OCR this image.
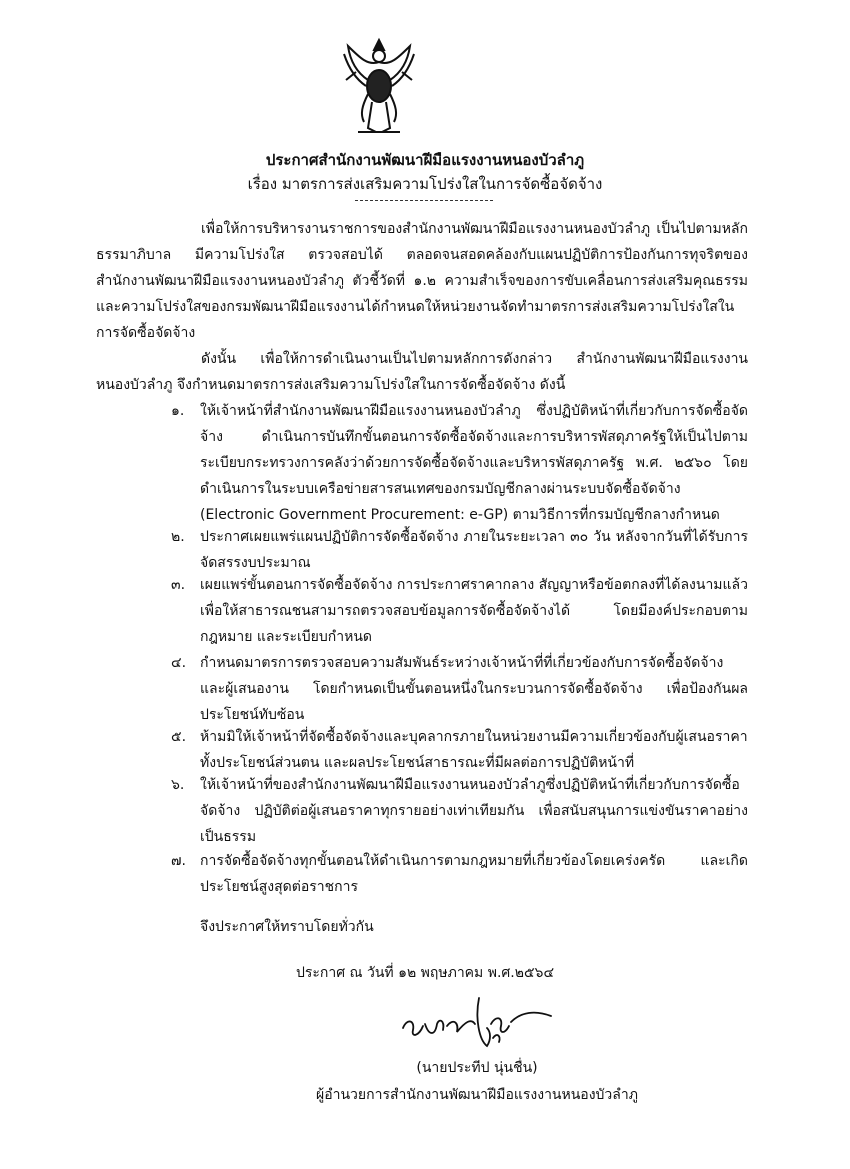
ประกาศสำนักงานพัฒนาฝีมือแรงงานหนองบัวลำภู
เรื่อง มาตรการส่งเสริมความโปร่งใสในการจัดซื้อจัดจ้าง
เพื่อให้การบริหารงานราชการของสำนักงานพัฒนาฝีมือแรงงานหนองบัวลำภู เป็นไปตามหลักธรรมาภิบาล มีความโปร่งใส ตรวจสอบได้ ตลอดจนสอดคล้องกับแผนปฏิบัติการป้องกันการทุจริตของสำนักงานพัฒนาฝีมือแรงงานหนองบัวลำภู ตัวชี้วัดที่ ๑.๒ ความสำเร็จของการขับเคลื่อนการส่งเสริมคุณธรรมและความโปร่งใสของกรมพัฒนาฝีมือแรงงานได้กำหนดให้หน่วยงานจัดทำมาตรการส่งเสริมความโปร่งใสในการจัดซื้อจัดจ้าง
ดังนั้น เพื่อให้การดำเนินงานเป็นไปตามหลักการดังกล่าว สำนักงานพัฒนาฝีมือแรงงานหนองบัวลำภู จึงกำหนดมาตรการส่งเสริมความโปร่งใสในการจัดซื้อจัดจ้าง ดังนี้
๑. ให้เจ้าหน้าที่สำนักงานพัฒนาฝีมือแรงงานหนองบัวลำภู ซึ่งปฏิบัติหน้าที่เกี่ยวกับการจัดซื้อจัดจ้าง ดำเนินการบันทึกขั้นตอนการจัดซื้อจัดจ้างและการบริหารพัสดุภาครัฐให้เป็นไปตามระเบียบกระทรวงการคลังว่าด้วยการจัดซื้อจัดจ้างและบริหารพัสดุภาครัฐ พ.ศ. ๒๕๖๐ โดยดำเนินการในระบบเครือข่ายสารสนเทศของกรมบัญชีกลางผ่านระบบจัดซื้อจัดจ้าง (Electronic Government Procurement: e-GP) ตามวิธีการที่กรมบัญชีกลางกำหนด
๒. ประกาศเผยแพร่แผนปฏิบัติการจัดซื้อจัดจ้าง ภายในระยะเวลา ๓๐ วัน หลังจากวันที่ได้รับการจัดสรรงบประมาณ
๓. เผยแพร่ขั้นตอนการจัดซื้อจัดจ้าง การประกาศราคากลาง สัญญาหรือข้อตกลงที่ได้ลงนามแล้ว เพื่อให้สาธารณชนสามารถตรวจสอบข้อมูลการจัดซื้อจัดจ้างได้ โดยมีองค์ประกอบตามกฎหมาย และระเบียบกำหนด
๔. กำหนดมาตรการตรวจสอบความสัมพันธ์ระหว่างเจ้าหน้าที่ที่เกี่ยวข้องกับการจัดซื้อจัดจ้างและผู้เสนองาน โดยกำหนดเป็นขั้นตอนหนึ่งในกระบวนการจัดซื้อจัดจ้าง เพื่อป้องกันผลประโยชน์ทับซ้อน
๕. ห้ามมิให้เจ้าหน้าที่จัดซื้อจัดจ้างและบุคลากรภายในหน่วยงานมีความเกี่ยวข้องกับผู้เสนอราคาทั้งประโยชน์ส่วนตน และผลประโยชน์สาธารณะที่มีผลต่อการปฏิบัติหน้าที่
๖. ให้เจ้าหน้าที่ของสำนักงานพัฒนาฝีมือแรงงานหนองบัวลำภูซึ่งปฏิบัติหน้าที่เกี่ยวกับการจัดซื้อจัดจ้าง ปฏิบัติต่อผู้เสนอราคาทุกรายอย่างเท่าเทียมกัน เพื่อสนับสนุนการแข่งขันราคาอย่างเป็นธรรม
๗. การจัดซื้อจัดจ้างทุกขั้นตอนให้ดำเนินการตามกฎหมายที่เกี่ยวข้องโดยเคร่งครัด และเกิดประโยชน์สูงสุดต่อราชการ
จึงประกาศให้ทราบโดยทั่วกัน
ประกาศ ณ วันที่ ๑๒ พฤษภาคม พ.ศ.๒๕๖๔
(นายประทีป นุ่นชื่น)
ผู้อำนวยการสำนักงานพัฒนาฝีมือแรงงานหนองบัวลำภู
